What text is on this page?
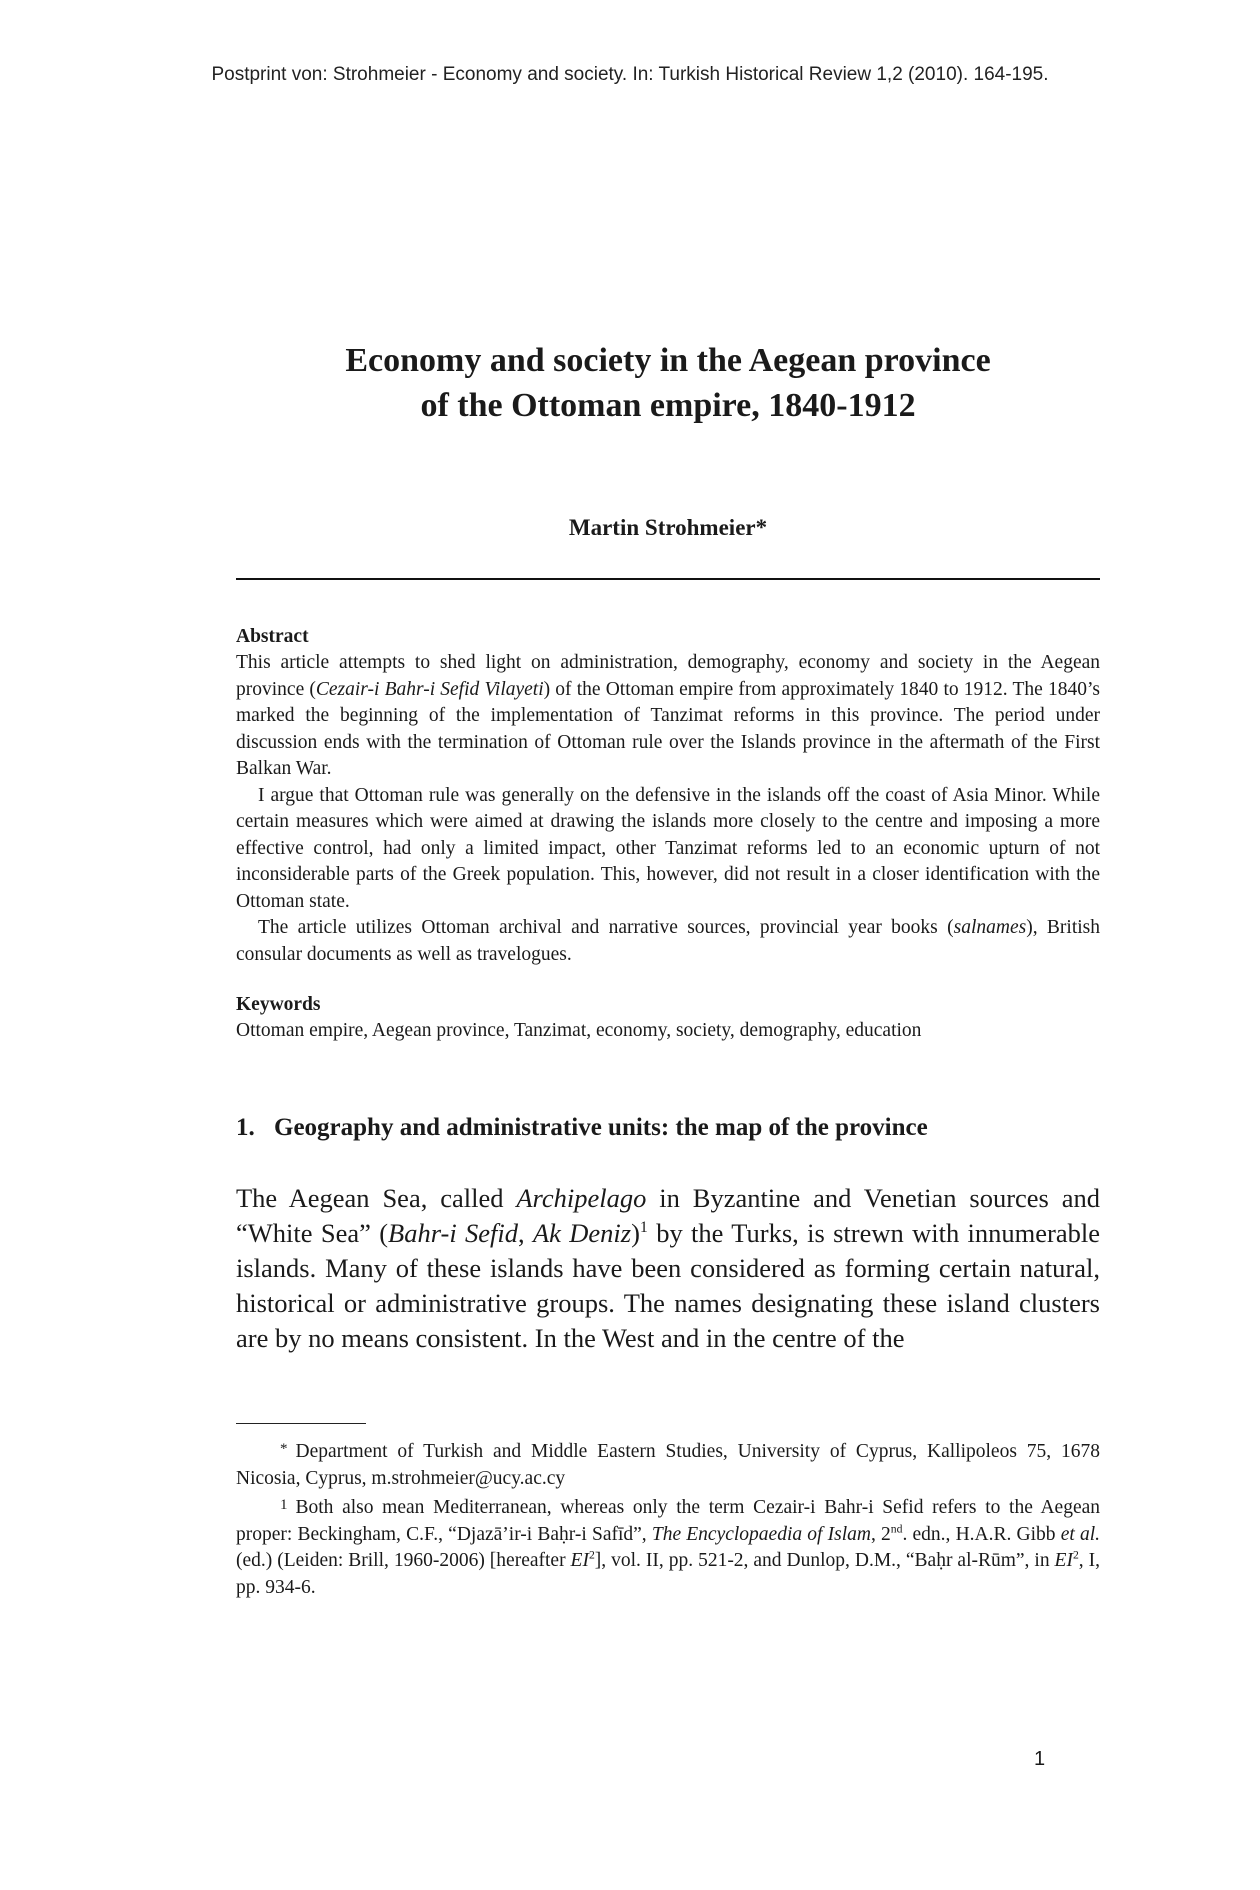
Postprint von: Strohmeier - Economy and society. In: Turkish Historical Review 1,2 (2010). 164-195.
Economy and society in the Aegean province
of the Ottoman empire, 1840-1912
Martin Strohmeier*

Abstract

This article attempts to shed light on administration, demography, economy and society in the Aegean province (Cezair-i Bahr-i Sefid Vilayeti) of the Ottoman empire from approximately 1840 to 1912. The 1840’s marked the beginning of the implementation of Tanzimat reforms in this province. The period under discussion ends with the termination of Ottoman rule over the Islands province in the aftermath of the First Balkan War.

I argue that Ottoman rule was generally on the defensive in the islands off the coast of Asia Minor. While certain measures which were aimed at drawing the islands more closely to the centre and imposing a more effective control, had only a limited impact, other Tanzimat reforms led to an economic upturn of not inconsiderable parts of the Greek population. This, however, did not result in a closer identification with the Ottoman state.

The article utilizes Ottoman archival and narrative sources, provincial year books (salnames), British consular documents as well as travelogues.

Keywords

Ottoman empire, Aegean province, Tanzimat, economy, society, demography, education

1. Geography and administrative units: the map of the province

The Aegean Sea, called Archipelago in Byzantine and Venetian sources and “White Sea” (Bahr-i Sefid, Ak Deniz)$^1$ by the Turks, is strewn with innumerable islands. Many of these islands have been considered as forming certain natural, historical or administrative groups. The names designating these island clusters are by no means consistent. In the West and in the centre of the

* Department of Turkish and Middle Eastern Studies, University of Cyprus, Kallipoleos 75, 1678 Nicosia, Cyprus, m.strohmeier@ucy.ac.cy

1 Both also mean Mediterranean, whereas only the term Cezair-i Bahr-i Sefid refers to the Aegean proper: Beckingham, C.F., “Djazā’ir-i Baḥr-i Safīd”, The Encyclopaedia of Islam, 2nd. edn., H.A.R. Gibb et al. (ed.) (Leiden: Brill, 1960-2006) [hereafter $EI^2$], vol. II, pp. 521-2, and Dunlop, D.M., “Baḥr al-Rūm”, in $EI^2$, I, pp. 934-6.

1
